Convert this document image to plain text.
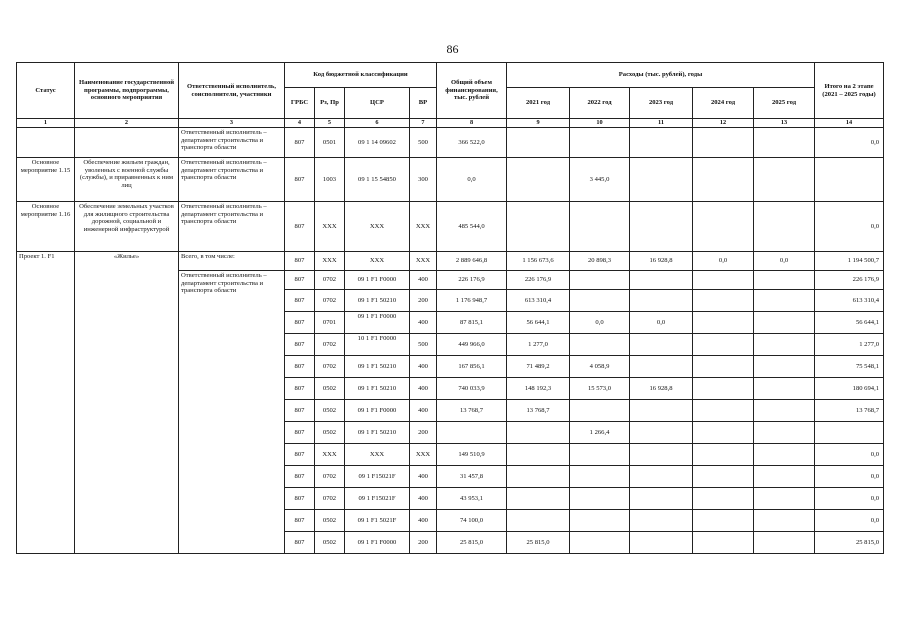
86
Статус	Наименование государственной программы, подпрограммы, основного мероприятия	Ответственный исполнитель, соисполнители, участники	Код бюджетной классификации				Общий объем финансирования, тыс. рублей	Расходы (тыс. рублей), годы					Итого на 2 этапе (2021 – 2025 годы)
			ГРБС	Рз, Пр	ЦСР	ВР		2021 год	2022 год	2023 год	2024 год	2025 год	
1	2	3	4	5	6	7	8	9	10	11	12	13	14
		Ответственный исполнитель – департамент строительства и транспорта области	807	0501	09 1 14 09602	500	366 522,0						0,0
Основное мероприятие 1.15	Обеспечение жильем граждан, уволенных с военной службы (службы), и приравненных к ним лиц	Ответственный исполнитель – департамент строительства и транспорта области	807	1003	09 1 15 54850	300	0,0		3 445,0				
Основное мероприятие 1.16	Обеспечение земельных участков для жилищного строительства дорожной, социальной и инженерной инфраструктурой	Ответственный исполнитель – департамент строительства и транспорта области	807	ХХХ	ХХХ	ХХХ	485 544,0						0,0
Проект 1. F1	«Жилье»	Всего, в том числе:	807	ХХХ	ХХХ	ХХХ	2 889 646,8	1 156 673,6	20 898,3	16 928,8	0,0	0,0	1 194 500,7
		Ответственный исполнитель – департамент строительства и транспорта области	807	0702	09 1 F1 F0000	400	226 176,9	226 176,9					226 176,9
			807	0702	09 1 F1 50210	200	1 176 948,7	613 310,4					613 310,4
			807	0701	09 1 F1 F0000	400	87 815,1	56 644,1	0,0	0,0			56 644,1
			807	0702	10 1 F1 F0000	500	449 966,0	1 277,0					1 277,0
			807	0702	09 1 F1 50210	400	167 856,1	71 489,2	4 058,9				75 548,1
			807	0502	09 1 F1 50210	400	740 033,9	148 192,3	15 573,0	16 928,8			180 694,1
			807	0502	09 1 F1 F0000	400	13 768,7	13 768,7					13 768,7
			807	0502	09 1 F1 50210	200			1 266,4				
			807	ХХХ	ХХХ	ХХХ	149 510,9						0,0
			807	0702	09 1 F15021F	400	31 457,8						0,0
			807	0702	09 1 F15021F	400	43 953,1						0,0
			807	0502	09 1 F1 5021F	400	74 100,0						0,0
			807	0502	09 1 F1 F0000	200	25 815,0	25 815,0					25 815,0
